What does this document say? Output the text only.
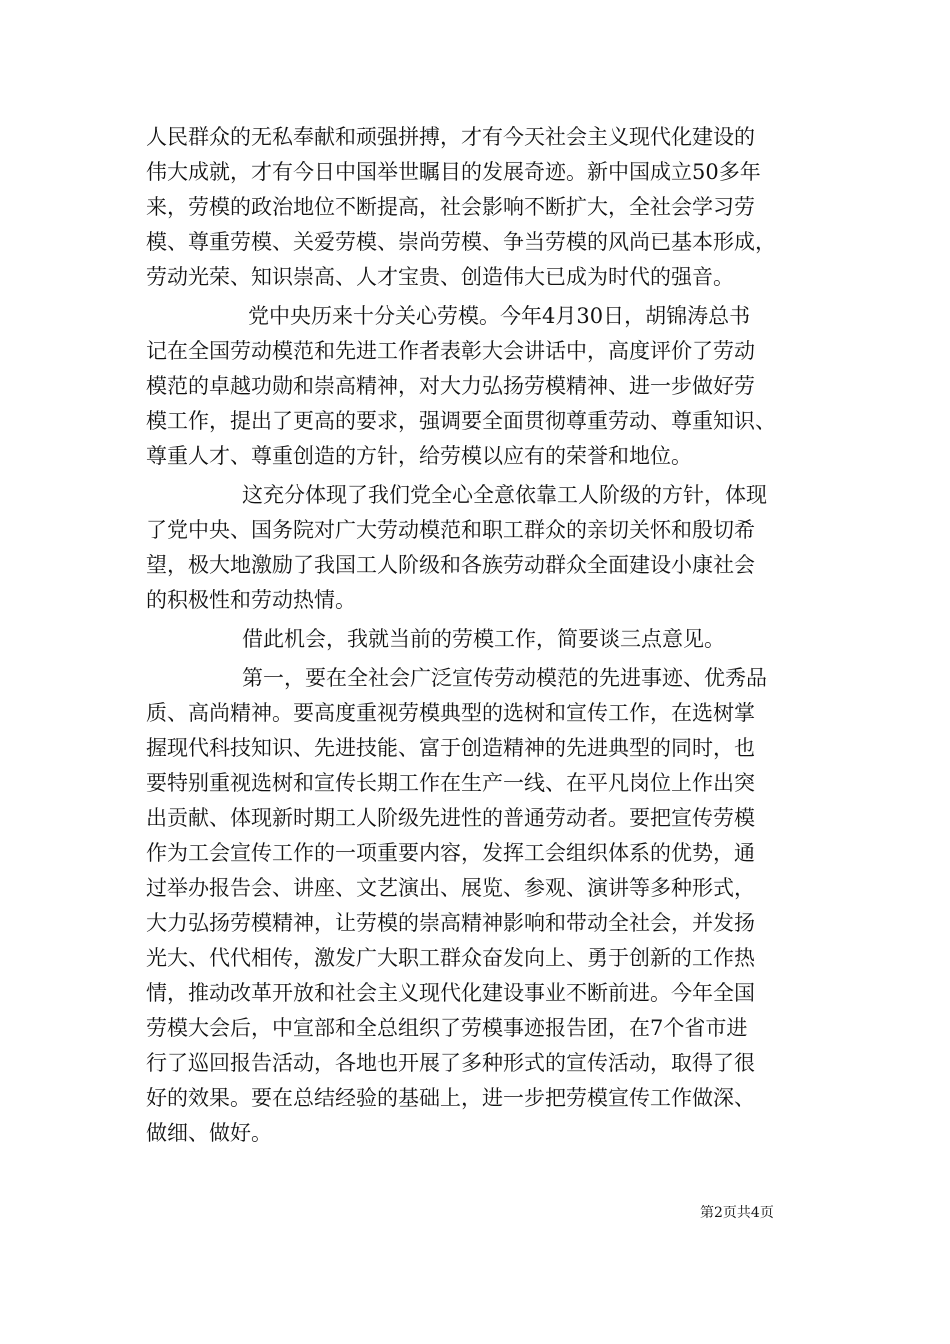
人民群众的无私奉献和顽强拼搏，才有今天社会主义现代化建设的
伟大成就，才有今日中国举世瞩目的发展奇迹。新中国成立50多年
来，劳模的政治地位不断提高，社会影响不断扩大，全社会学习劳
模、尊重劳模、关爱劳模、崇尚劳模、争当劳模的风尚已基本形成，
劳动光荣、知识崇高、人才宝贵、创造伟大已成为时代的强音。
党中央历来十分关心劳模。今年4月30日，胡锦涛总书
记在全国劳动模范和先进工作者表彰大会讲话中，高度评价了劳动
模范的卓越功勋和崇高精神，对大力弘扬劳模精神、进一步做好劳
模工作，提出了更高的要求，强调要全面贯彻尊重劳动、尊重知识、
尊重人才、尊重创造的方针，给劳模以应有的荣誉和地位。
这充分体现了我们党全心全意依靠工人阶级的方针，体现
了党中央、国务院对广大劳动模范和职工群众的亲切关怀和殷切希
望，极大地激励了我国工人阶级和各族劳动群众全面建设小康社会
的积极性和劳动热情。
借此机会，我就当前的劳模工作，简要谈三点意见。
第一，要在全社会广泛宣传劳动模范的先进事迹、优秀品
质、高尚精神。要高度重视劳模典型的选树和宣传工作，在选树掌
握现代科技知识、先进技能、富于创造精神的先进典型的同时，也
要特别重视选树和宣传长期工作在生产一线、在平凡岗位上作出突
出贡献、体现新时期工人阶级先进性的普通劳动者。要把宣传劳模
作为工会宣传工作的一项重要内容，发挥工会组织体系的优势，通
过举办报告会、讲座、文艺演出、展览、参观、演讲等多种形式，
大力弘扬劳模精神，让劳模的崇高精神影响和带动全社会，并发扬
光大、代代相传，激发广大职工群众奋发向上、勇于创新的工作热
情，推动改革开放和社会主义现代化建设事业不断前进。今年全国
劳模大会后，中宣部和全总组织了劳模事迹报告团，在7个省市进
行了巡回报告活动，各地也开展了多种形式的宣传活动，取得了很
好的效果。要在总结经验的基础上，进一步把劳模宣传工作做深、
做细、做好。
第2页共4页
